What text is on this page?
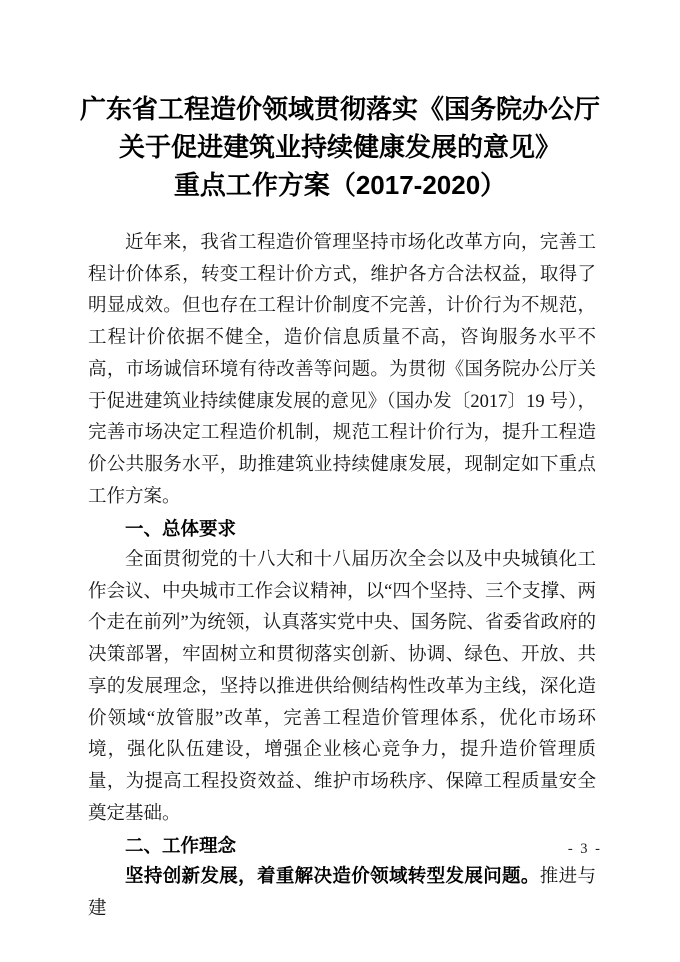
广东省工程造价领域贯彻落实《国务院办公厅
关于促进建筑业持续健康发展的意见》
重点工作方案（2017-2020）

近年来，我省工程造价管理坚持市场化改革方向，完善工程计价体系，转变工程计价方式，维护各方合法权益，取得了明显成效。但也存在工程计价制度不完善，计价行为不规范，工程计价依据不健全，造价信息质量不高，咨询服务水平不高，市场诚信环境有待改善等问题。为贯彻《国务院办公厅关于促进建筑业持续健康发展的意见》（国办发〔2017〕19 号），完善市场决定工程造价机制，规范工程计价行为，提升工程造价公共服务水平，助推建筑业持续健康发展，现制定如下重点工作方案。

一、总体要求

全面贯彻党的十八大和十八届历次全会以及中央城镇化工作会议、中央城市工作会议精神，以“四个坚持、三个支撑、两个走在前列”为统领，认真落实党中央、国务院、省委省政府的决策部署，牢固树立和贯彻落实创新、协调、绿色、开放、共享的发展理念，坚持以推进供给侧结构性改革为主线，深化造价领域“放管服”改革，完善工程造价管理体系，优化市场环境，强化队伍建设，增强企业核心竞争力，提升造价管理质量，为提高工程投资效益、维护市场秩序、保障工程质量安全奠定基础。

二、工作理念

坚持创新发展，着重解决造价领域转型发展问题。推进与建

- 3 -
